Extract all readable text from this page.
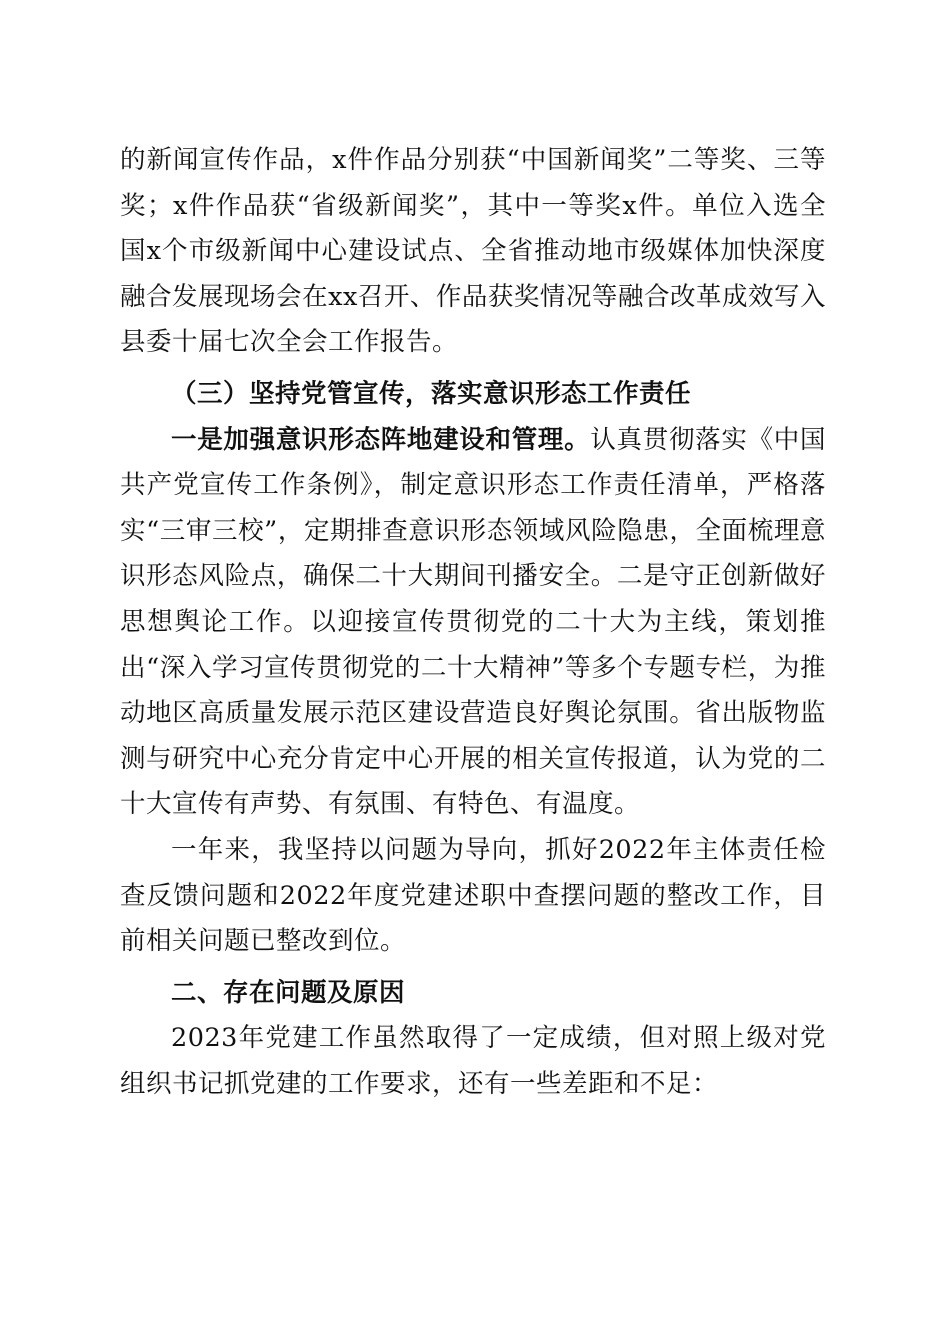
的新闻宣传作品，x件作品分别获“中国新闻奖”二等奖、三等奖；x件作品获“省级新闻奖”，其中一等奖x件。单位入选全国x个市级新闻中心建设试点、全省推动地市级媒体加快深度融合发展现场会在xx召开、作品获奖情况等融合改革成效写入县委十届七次全会工作报告。

（三）坚持党管宣传，落实意识形态工作责任

一是加强意识形态阵地建设和管理。认真贯彻落实《中国共产党宣传工作条例》，制定意识形态工作责任清单，严格落实“三审三校”，定期排查意识形态领域风险隐患，全面梳理意识形态风险点，确保二十大期间刊播安全。二是守正创新做好思想舆论工作。以迎接宣传贯彻党的二十大为主线，策划推出“深入学习宣传贯彻党的二十大精神”等多个专题专栏，为推动地区高质量发展示范区建设营造良好舆论氛围。省出版物监测与研究中心充分肯定中心开展的相关宣传报道，认为党的二十大宣传有声势、有氛围、有特色、有温度。

一年来，我坚持以问题为导向，抓好2022年主体责任检查反馈问题和2022年度党建述职中查摆问题的整改工作，目前相关问题已整改到位。

二、存在问题及原因

2023年党建工作虽然取得了一定成绩，但对照上级对党组织书记抓党建的工作要求，还有一些差距和不足：
